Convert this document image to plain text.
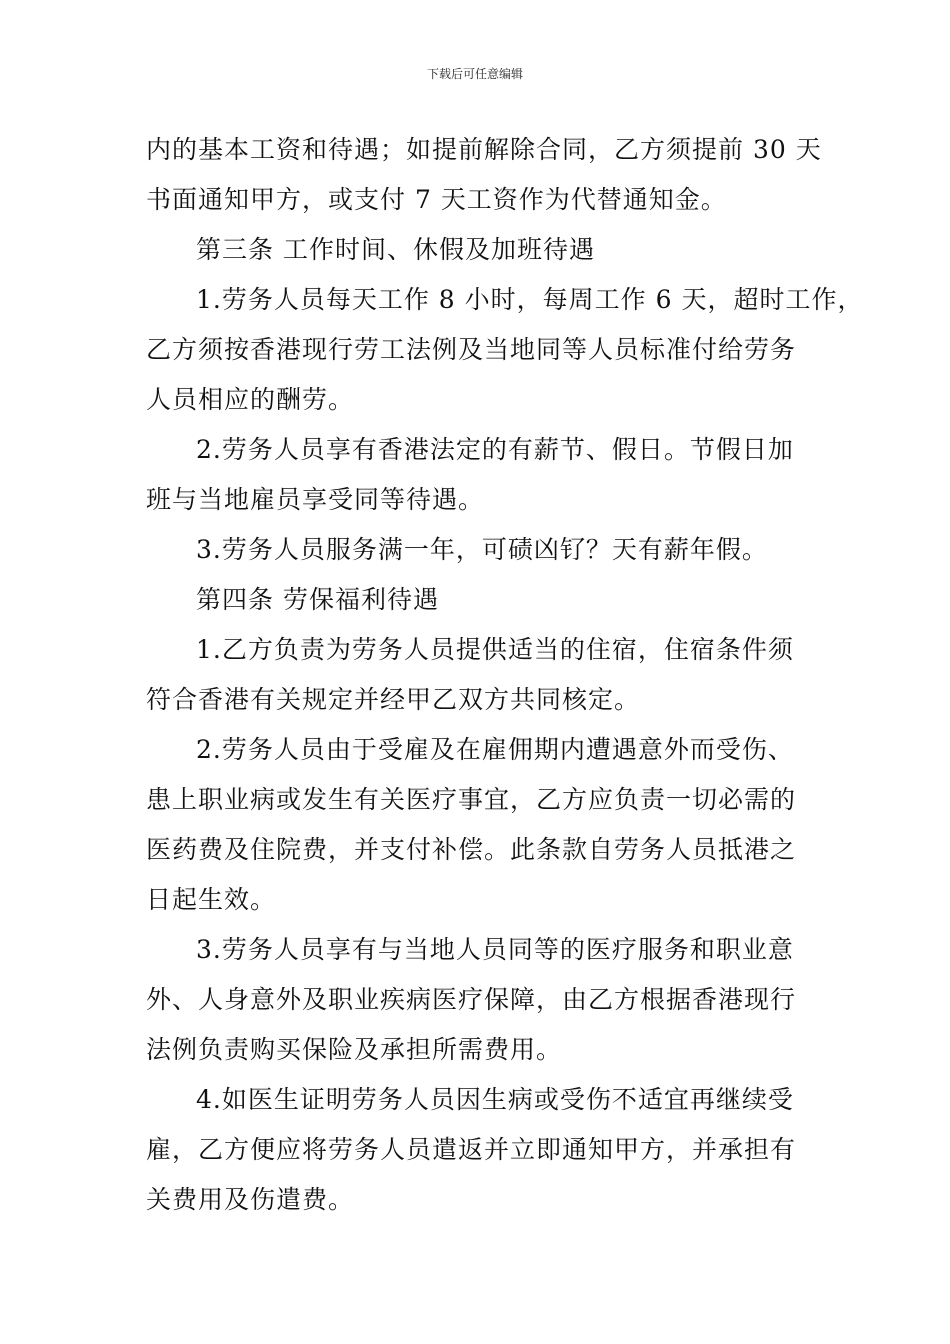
下载后可任意编辑

内的基本工资和待遇；如提前解除合同，乙方须提前 30 天
书面通知甲方，或支付 7 天工资作为代替通知金。

第三条 工作时间、休假及加班待遇

1.劳务人员每天工作 8 小时，每周工作 6 天，超时工作，
乙方须按香港现行劳工法例及当地同等人员标准付给劳务
人员相应的酬劳。

2.劳务人员享有香港法定的有薪节、假日。节假日加
班与当地雇员享受同等待遇。

3.劳务人员服务满一年，可碛凶钌？天有薪年假。

第四条 劳保福利待遇

1.乙方负责为劳务人员提供适当的住宿，住宿条件须
符合香港有关规定并经甲乙双方共同核定。

2.劳务人员由于受雇及在雇佣期内遭遇意外而受伤、
患上职业病或发生有关医疗事宜，乙方应负责一切必需的
医药费及住院费，并支付补偿。此条款自劳务人员抵港之
日起生效。

3.劳务人员享有与当地人员同等的医疗服务和职业意
外、人身意外及职业疾病医疗保障，由乙方根据香港现行
法例负责购买保险及承担所需费用。

4.如医生证明劳务人员因生病或受伤不适宜再继续受
雇，乙方便应将劳务人员遣返并立即通知甲方，并承担有
关费用及伤遣费。
